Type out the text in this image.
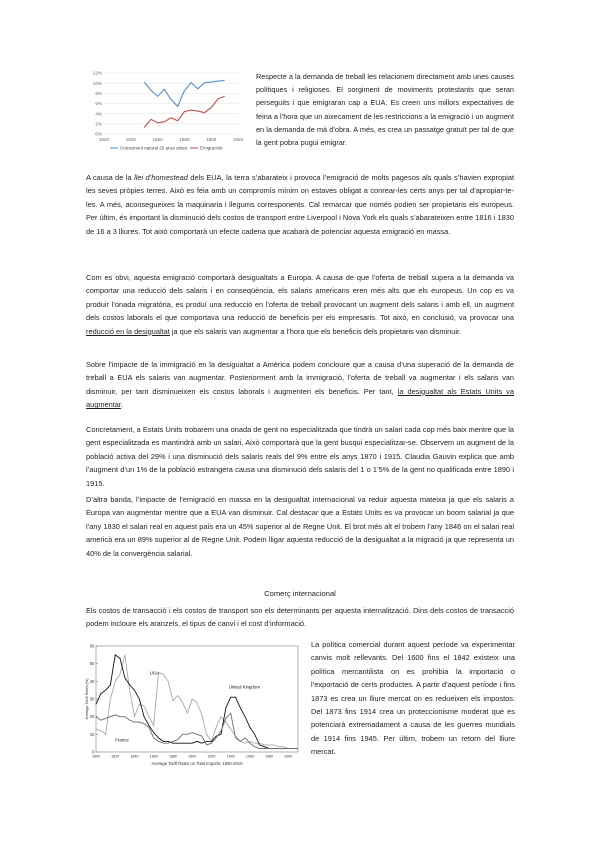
0%
2%
4%
6%
8%
10%
12%
1820	1840	1860	1880	1900	1920
Creixement natural 25 anys antes	Emigración

Respecte a la demanda de treball les relacionem directament amb unes causes polítiques i religioses. El sorgiment de moviments protestants que seran perseguits i que emigraran cap a EUA. Es creen uns millors expectatives de feina a l’hora que un aixecament de les restriccions a la emigració i un augment en la demanda de mà d’obra. A més, es crea un passatge gratuït per tal de que la gent pobra pugui emigrar.

A causa de la llei d’homestead dels EUA, la terra s’abarateix i provoca l’emigració de molts pagesos als quals s’havien expropiat les seves pròpies terres. Això es feia amb un compromís mínim on estaves obligat a conrear-les certs anys per tal d’apropiar-te-les. A més, aconsegueixes la maquinaria i llegums corresponents. Cal remarcar que només podien ser propietaris els europeus. Per últim, és important la disminució dels costos de transport entre Liverpool i Nova York els quals s’abarateixen entre 1816 i 1830 de 16 a 3 lliures. Tot això comportarà un efecte cadena que acabarà de potenciar aquesta emigració en massa.

Com es obvi, aquesta emigració comportarà desigualtats a Europa. A causa de que l’oferta de treball supera a la demanda va comportar una reducció dels salaris i en conseqüència, els salaris americans eren més alts que els europeus. Un cop es va produir l’onada migratòria, es produí una reducció en l’oferta de treball provocant un augment dels salaris i amb ell, un augment dels costos laborals el que comportava una reducció de beneficis per els empresaris. Tot això, en conclusió, va provocar una reducció en la desigualtat ja que els salaris van augmentar a l’hora que els beneficis dels propietaris van disminuir.

Sobre l’impacte de la immigració en la desigualtat a Amèrica podem concloure que a causa d’una superació de la demanda de treball a EUA els salaris van augmentar. Posteriorment amb la immigració, l’oferta de treball va augmentar i els salaris van disminuir, per tant disminueixen els costos laborals i augmenten els beneficis. Per tant, la desigualtat als Estats Units va augmentar.

Concretament, a Estats Units trobarem una onada de gent no especialitzada que tindrà un salari cada cop més baix mentre que la gent especialitzada es mantindrà amb un salari. Això comportarà que la gent busqui especialitzar-se. Observem un augment de la població activa del 29% i una disminució dels salaris reals del 9% entre els anys 1870 i 1915. Claudia Gauvin explica que amb l’augment d’un 1% de la població estrangera causa una disminució dels salaris del 1 o 1’5% de la gent no qualificada entre 1890 i 1915.

D’altra banda, l’impacte de l’emigració en massa en la desigualtat internacional va reduir aquesta mateixa ja que els salaris a Europa van augmentar mentre que a EUA van disminuir. Cal destacar que a Estats Units es va provocar un boom salarial ja que l’any 1830 el salari real en aquest país era un 45% superior al de Regne Unit. El brot més alt el trobem l’any 1846 on el salari real americà era un 89% superior al de Regne Unit. Podem lligar aquesta reducció de la desigualtat a la migració ja que representa un 40% de la convergència salarial.

Comerç internacional

Els costos de transacció i els costos de transport son els determinants per aquesta internalització. Dins dels costos de transacció podem incloure els aranzels, el tipus de canvi i el cost d’informació.

0
10
20
30
40
50
60
1800	1820	1840	1860	1880	1900	1920	1940	1960	1980	2000
USA
United Kingdom
France
Average Tariff Rates on Total Imports, 1800-2010
Average Tariff Rates (%)

La política comercial durant aquest període va experimentar canvis molt rellevants. Del 1600 fins el 1842 existeix una política mercantilista on es prohibia la importació o l’exportació de certs productes. A partir d’aquest període i fins 1873 es crea un lliure mercat on es redueixen els impostos. Del 1873 fins 1914 crea un proteccionisme moderat que es potenciarà extremadament a causa de les guerres mundials de 1914 fins 1945. Per últim, trobem un retorn del lliure mercat.
